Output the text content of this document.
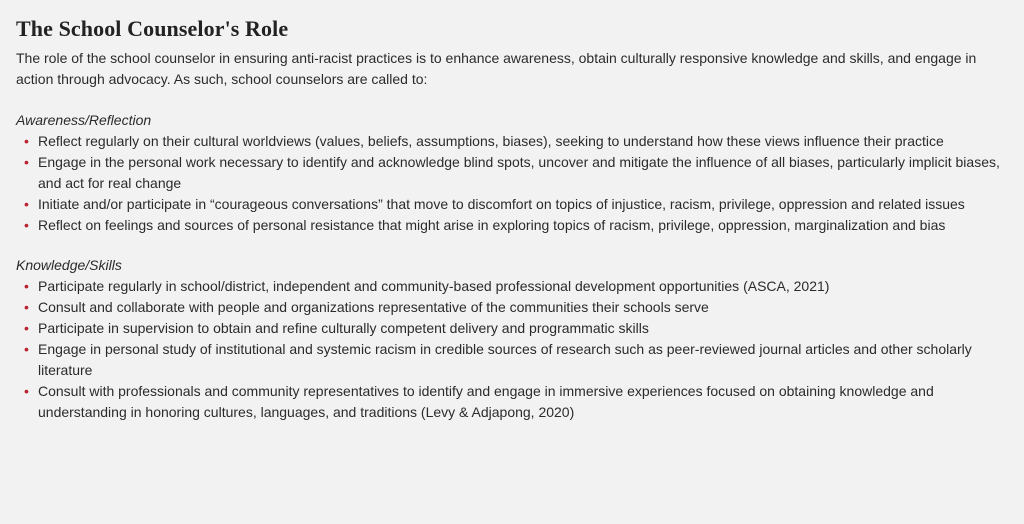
The School Counselor's Role

The role of the school counselor in ensuring anti-racist practices is to enhance awareness, obtain culturally responsive knowledge and skills, and engage in action through advocacy. As such, school counselors are called to:

Awareness/Reflection

• Reflect regularly on their cultural worldviews (values, beliefs, assumptions, biases), seeking to understand how these views influence their practice
• Engage in the personal work necessary to identify and acknowledge blind spots, uncover and mitigate the influence of all biases, particularly implicit biases, and act for real change
• Initiate and/or participate in “courageous conversations” that move to discomfort on topics of injustice, racism, privilege, oppression and related issues
• Reflect on feelings and sources of personal resistance that might arise in exploring topics of racism, privilege, oppression, marginalization and bias

Knowledge/Skills

• Participate regularly in school/district, independent and community-based professional development opportunities (ASCA, 2021)
• Consult and collaborate with people and organizations representative of the communities their schools serve
• Participate in supervision to obtain and refine culturally competent delivery and programmatic skills
• Engage in personal study of institutional and systemic racism in credible sources of research such as peer-reviewed journal articles and other scholarly literature
• Consult with professionals and community representatives to identify and engage in immersive experiences focused on obtaining knowledge and understanding in honoring cultures, languages, and traditions (Levy & Adjapong, 2020)
